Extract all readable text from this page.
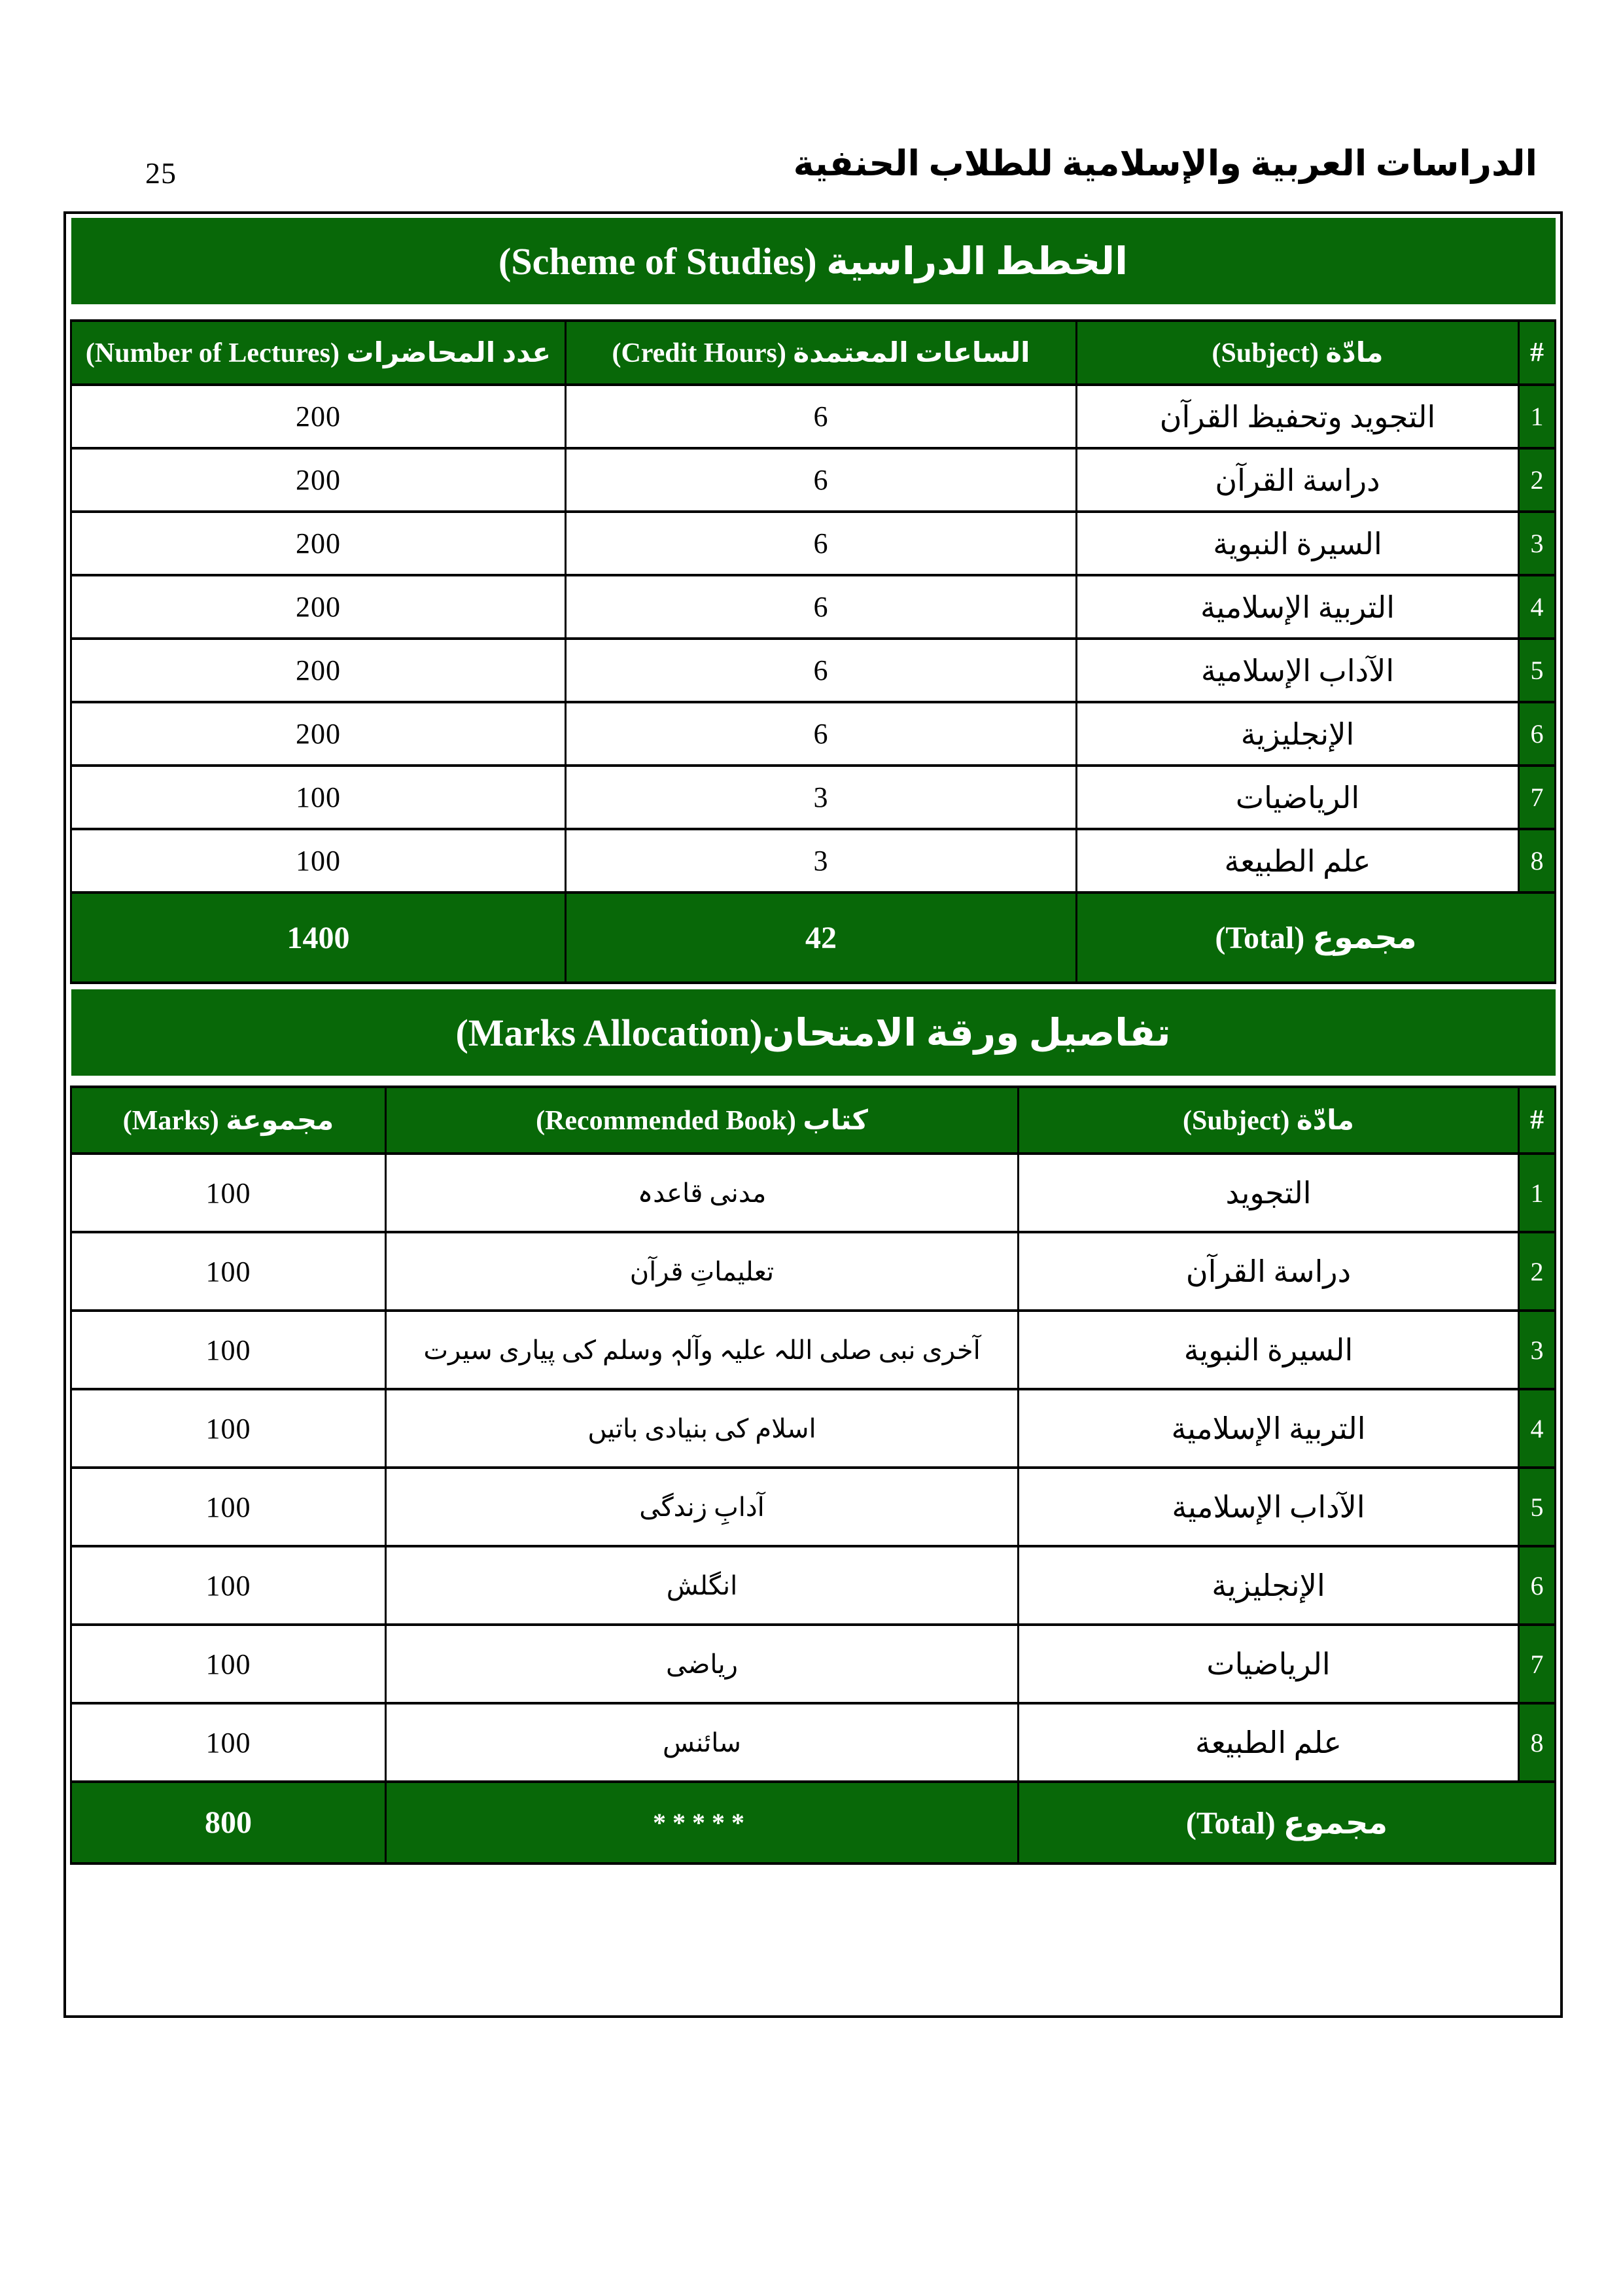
25	الدراسات العربية والإسلامية للطلاب الحنفية
الخطط الدراسية (Scheme of Studies)
#	مادّة (Subject)	الساعات المعتمدة (Credit Hours)	عدد المحاضرات (Number of Lectures)
1	التجويد وتحفيظ القرآن	6	200
2	دراسة القرآن	6	200
3	السيرة النبوية	6	200
4	التربية الإسلامية	6	200
5	الآداب الإسلامية	6	200
6	الإنجليزية	6	200
7	الرياضيات	3	100
8	علم الطبيعة	3	100
مجموع (Total)		42	1400
تفاصيل ورقة الامتحان(Marks Allocation)
#	مادّة (Subject)	كتاب (Recommended Book)	مجموعة (Marks)
1	التجويد	مدنی قاعدہ	100
2	دراسة القرآن	تعلیماتِ قرآن	100
3	السيرة النبوية	آخری نبی صلی اللہ علیہ وآلہٖ وسلم کی پیاری سیرت	100
4	التربية الإسلامية	اسلام کی بنیادی باتیں	100
5	الآداب الإسلامية	آدابِ زندگی	100
6	الإنجليزية	انگلش	100
7	الرياضيات	ریاضی	100
8	علم الطبيعة	سائنس	100
مجموع (Total)		*****	800
